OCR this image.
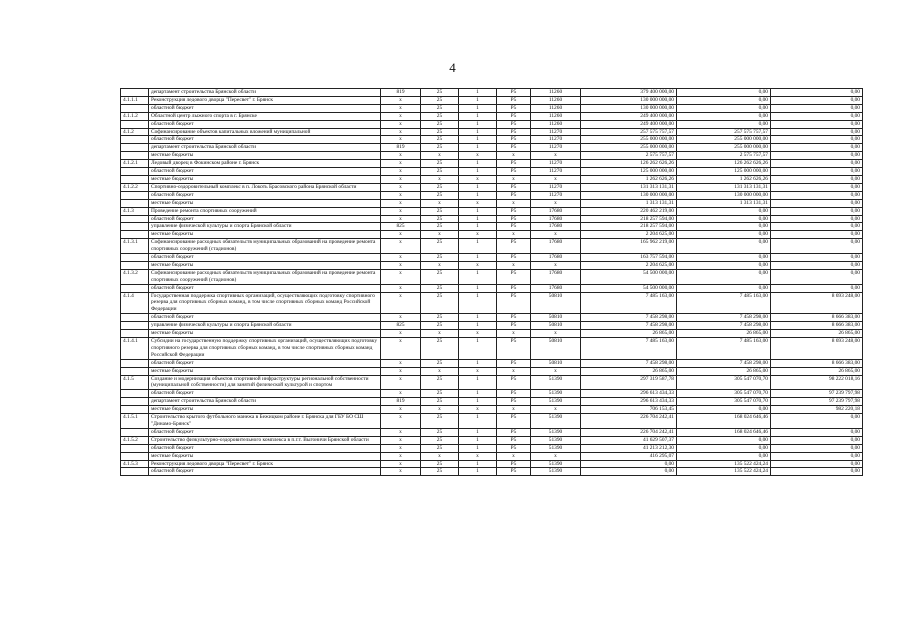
4
	департамент строительства Брянской области	819	25	1	P5	11260	379 400 000,00	0,00	0,00
4.1.1.1	Реконструкция ледового дворца "Пересвет" г. Брянск	x	25	1	P5	11260	130 000 000,00	0,00	0,00
	областной бюджет	x	25	1	P5	11260	130 000 000,00	0,00	0,00
4.1.1.2	Областной центр лыжного спорта в г. Брянске	x	25	1	P5	11260	249 400 000,00	0,00	0,00
	областной бюджет	x	25	1	P5	11260	249 400 000,00	0,00	0,00
4.1.2	Софинансирование объектов капитальных вложений муниципальной	x	25	1	P5	11270	257 575 757,57	257 575 757,57	0,00
	областной бюджет	x	25	1	P5	11270	255 000 000,00	255 000 000,00	0,00
	департамент строительства Брянской области	819	25	1	P5	11270	255 000 000,00	255 000 000,00	0,00
	местные бюджеты	x	x	x	x	x	2 575 757,57	2 575 757,57	0,00
4.1.2.1	Ледовый дворец в Фокинском районе г. Брянск	x	25	1	P5	11270	126 262 626,26	126 262 626,26	0,00
	областной бюджет	x	25	1	P5	11270	125 000 000,00	125 000 000,00	0,00
	местные бюджеты	x	x	x	x	x	1 262 626,26	1 262 626,26	0,00
4.1.2.2	Спортивно-оздоровительный комплекс в п. Локоть Брасовского района Брянской области	x	25	1	P5	11270	131 313 131,31	131 313 131,31	0,00
	областной бюджет	x	25	1	P5	11270	130 000 000,00	130 000 000,00	0,00
	местные бюджеты	x	x	x	x	x	1 313 131,31	1 313 131,31	0,00
4.1.3	Проведение ремонта спортивных сооружений	x	25	1	P5	17680	220 462 219,00	0,00	0,00
	областной бюджет	x	25	1	P5	17680	218 257 594,00	0,00	0,00
	управление физической культуры и спорта Брянской области	825	25	1	P5	17680	218 257 594,00	0,00	0,00
	местные бюджеты	x	x	x	x	x	2 204 625,00	0,00	0,00
4.1.3.1	Софинансирование расходных обязательств муниципальных образований на проведение ремонта спортивных сооружений (стадионов)	x	25	1	P5	17680	165 962 219,00	0,00	0,00
	областной бюджет	x	25	1	P5	17680	163 757 594,00	0,00	0,00
	местные бюджеты	x	x	x	x	x	2 204 625,00	0,00	0,00
4.1.3.2	Софинансирование расходных обязательств муниципальных образований на проведение ремонта спортивных сооружений (стадионов)	x	25	1	P5	17680	54 500 000,00	0,00	0,00
	областной бюджет	x	25	1	P5	17680	54 500 000,00	0,00	0,00
4.1.4	Государственная поддержка спортивных организаций, осуществляющих подготовку спортивного резерва для спортивных сборных команд, в том числе спортивных сборных команд Российской Федерации	x	25	1	P5	50810	7 485 163,00	7 485 163,00	8 693 248,00
	областной бюджет	x	25	1	P5	50810	7 458 298,00	7 458 298,00	8 666 383,00
	управление физической культуры и спорта Брянской области	825	25	1	P5	50810	7 458 298,00	7 458 298,00	8 666 383,00
	местные бюджеты	x	x	x	x	x	26 865,00	26 865,00	26 865,00
4.1.4.1	Субсидии на государственную поддержку спортивных организаций, осуществляющих подготовку спортивного резерва для спортивных сборных команд, в том числе спортивных сборных команд Российской Федерации	x	25	1	P5	50810	7 485 163,00	7 485 163,00	8 693 248,00
	областной бюджет	x	25	1	P5	50810	7 458 298,00	7 458 298,00	8 666 383,00
	местные бюджеты	x	x	x	x	x	26 865,00	26 865,00	26 865,00
4.1.5	Создание и модернизация объектов спортивной инфраструктуры региональной собственности (муниципальной собственности) для занятий физической культурой и спортом	x	25	1	P5	51390	297 319 587,78	305 547 070,70	98 222 018,16
	областной бюджет	x	25	1	P5	51390	296 613 434,33	305 547 070,70	97 239 797,98
	департамент строительства Брянской области	819	25	1	P5	51390	296 613 434,33	305 547 070,70	97 239 797,98
	местные бюджеты	x	x	x	x	x	706 153,45	0,00	982 220,18
4.1.5.1	Строительство крытого футбольного манежа в Бежицком районе г. Брянска для ГБУ БО СШ "Динамо-Брянск"	x	25	1	P5	51390	226 704 242,41	168 024 646,46	0,00
	областной бюджет	x	25	1	P5	51390	226 704 242,41	168 024 646,46	0,00
4.1.5.2	Строительство физкультурно-оздоровительного комплекса в п.г.т. Выгоничи Брянской области	x	25	1	P5	51390	41 629 507,37	0,00	0,00
	областной бюджет	x	25	1	P5	51390	41 213 212,30	0,00	0,00
	местные бюджеты	x	x	x	x	x	416 295,07	0,00	0,00
4.1.5.3	Реконструкция ледового дворца "Пересвет" г. Брянск	x	25	1	P5	51390	0,00	135 522 424,24	0,00
	областной бюджет	x	25	1	P5	51390	0,00	135 522 424,24	0,00
